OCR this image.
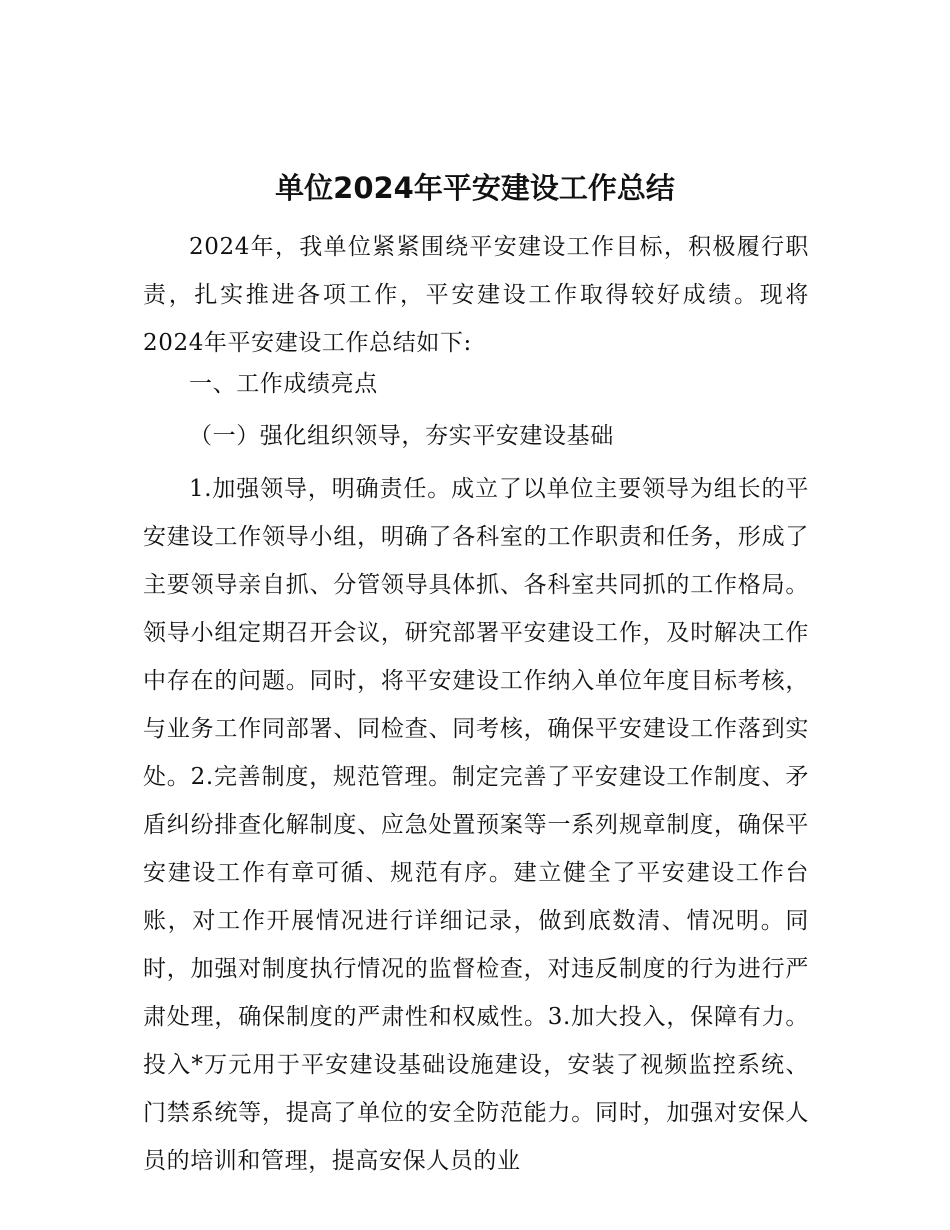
单位2024年平安建设工作总结

2024年，我单位紧紧围绕平安建设工作目标，积极履行职责，扎实推进各项工作，平安建设工作取得较好成绩。现将2024年平安建设工作总结如下:

一、工作成绩亮点
（一）强化组织领导，夯实平安建设基础

1.加强领导，明确责任。成立了以单位主要领导为组长的平安建设工作领导小组，明确了各科室的工作职责和任务，形成了主要领导亲自抓、分管领导具体抓、各科室共同抓的工作格局。领导小组定期召开会议，研究部署平安建设工作，及时解决工作中存在的问题。同时，将平安建设工作纳入单位年度目标考核，与业务工作同部署、同检查、同考核，确保平安建设工作落到实处。2.完善制度，规范管理。制定完善了平安建设工作制度、矛盾纠纷排查化解制度、应急处置预案等一系列规章制度，确保平安建设工作有章可循、规范有序。建立健全了平安建设工作台账，对工作开展情况进行详细记录，做到底数清、情况明。同时，加强对制度执行情况的监督检查，对违反制度的行为进行严肃处理，确保制度的严肃性和权威性。3.加大投入，保障有力。投入*万元用于平安建设基础设施建设，安装了视频监控系统、门禁系统等，提高了单位的安全防范能力。同时，加强对安保人员的培训和管理，提高安保人员的业
